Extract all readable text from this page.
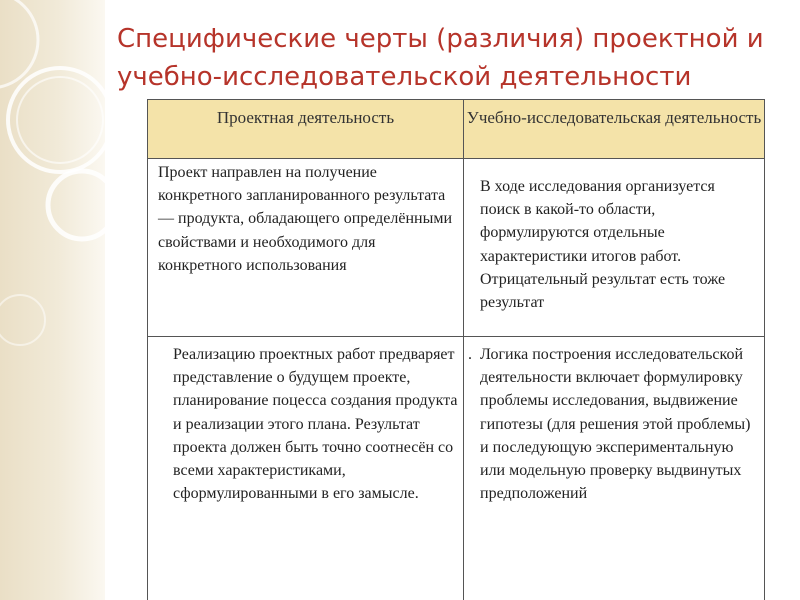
Специфические черты (различия) проектной и учебно-исследовательской деятельности
Проектная деятельность	Учебно-исследовательская деятельность

Проект направлен на получение конкретного запланированного результата — продукта, обладающего определёнными свойствами и необходимого для конкретного использования

В ходе исследования организуется поиск в какой-то области, формулируются отдельные характеристики итогов работ. Отрицательный результат есть тоже результат

Реализацию проектных работ предваряет представление о будущем проекте, планирование поцесса создания продукта и реализации этого плана. Результат проекта должен быть точно соотнесён со всеми характеристиками, сформулированными в его замысле.

. Логика построения исследовательской деятельности включает формулировку проблемы исследования, выдвижение гипотезы (для решения этой проблемы) и последующую экспериментальную или модельную проверку выдвинутых предположений
